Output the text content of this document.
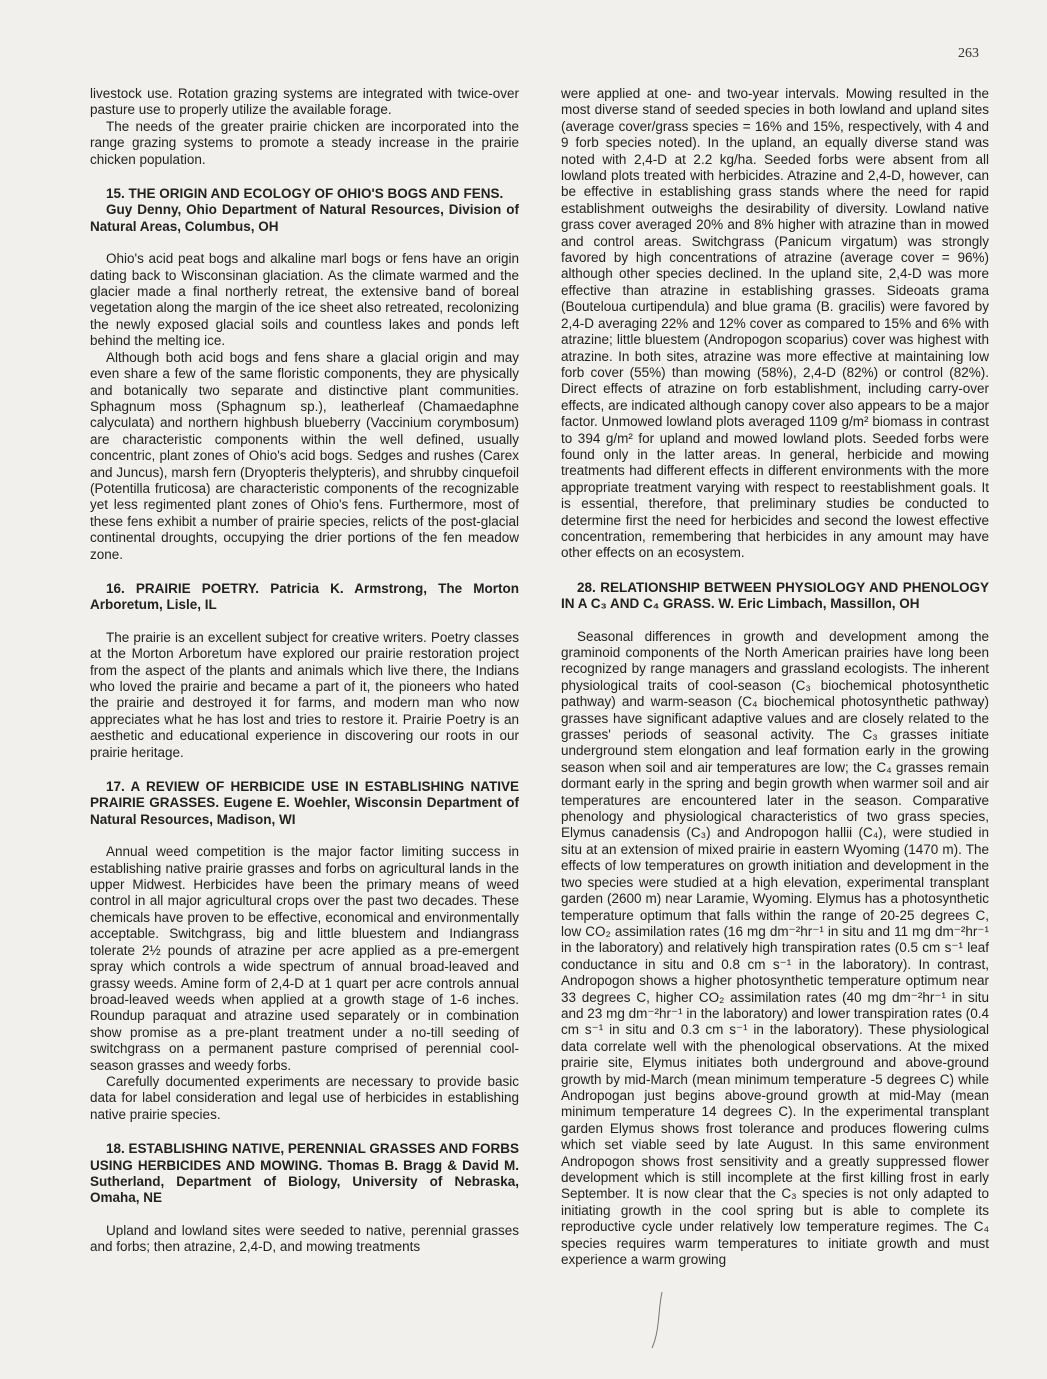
263

livestock use. Rotation grazing systems are integrated with twice-over pasture use to properly utilize the available forage.

The needs of the greater prairie chicken are incorporated into the range grazing systems to promote a steady increase in the prairie chicken population.

15. THE ORIGIN AND ECOLOGY OF OHIO'S BOGS AND FENS.

Guy Denny, Ohio Department of Natural Resources, Division of Natural Areas, Columbus, OH

Ohio's acid peat bogs and alkaline marl bogs or fens have an origin dating back to Wisconsinan glaciation. As the climate warmed and the glacier made a final northerly retreat, the extensive band of boreal vegetation along the margin of the ice sheet also retreated, recolonizing the newly exposed glacial soils and countless lakes and ponds left behind the melting ice.

Although both acid bogs and fens share a glacial origin and may even share a few of the same floristic components, they are physically and botanically two separate and distinctive plant communities. Sphagnum moss (Sphagnum sp.), leatherleaf (Chamaedaphne calyculata) and northern highbush blueberry (Vaccinium corymbosum) are characteristic components within the well defined, usually concentric, plant zones of Ohio's acid bogs. Sedges and rushes (Carex and Juncus), marsh fern (Dryopteris thelypteris), and shrubby cinquefoil (Potentilla fruticosa) are characteristic components of the recognizable yet less regimented plant zones of Ohio's fens. Furthermore, most of these fens exhibit a number of prairie species, relicts of the post-glacial continental droughts, occupying the drier portions of the fen meadow zone.

16. PRAIRIE POETRY. Patricia K. Armstrong, The Morton Arboretum, Lisle, IL

The prairie is an excellent subject for creative writers. Poetry classes at the Morton Arboretum have explored our prairie restoration project from the aspect of the plants and animals which live there, the Indians who loved the prairie and became a part of it, the pioneers who hated the prairie and destroyed it for farms, and modern man who now appreciates what he has lost and tries to restore it. Prairie Poetry is an aesthetic and educational experience in discovering our roots in our prairie heritage.

17. A REVIEW OF HERBICIDE USE IN ESTABLISHING NATIVE PRAIRIE GRASSES. Eugene E. Woehler, Wisconsin Department of Natural Resources, Madison, WI

Annual weed competition is the major factor limiting success in establishing native prairie grasses and forbs on agricultural lands in the upper Midwest. Herbicides have been the primary means of weed control in all major agricultural crops over the past two decades. These chemicals have proven to be effective, economical and environmentally acceptable. Switchgrass, big and little bluestem and Indiangrass tolerate 2½ pounds of atrazine per acre applied as a pre-emergent spray which controls a wide spectrum of annual broad-leaved and grassy weeds. Amine form of 2,4-D at 1 quart per acre controls annual broad-leaved weeds when applied at a growth stage of 1-6 inches. Roundup paraquat and atrazine used separately or in combination show promise as a pre-plant treatment under a no-till seeding of switchgrass on a permanent pasture comprised of perennial cool-season grasses and weedy forbs.

Carefully documented experiments are necessary to provide basic data for label consideration and legal use of herbicides in establishing native prairie species.

18. ESTABLISHING NATIVE, PERENNIAL GRASSES AND FORBS USING HERBICIDES AND MOWING. Thomas B. Bragg & David M. Sutherland, Department of Biology, University of Nebraska, Omaha, NE

Upland and lowland sites were seeded to native, perennial grasses and forbs; then atrazine, 2,4-D, and mowing treatments

were applied at one- and two-year intervals. Mowing resulted in the most diverse stand of seeded species in both lowland and upland sites (average cover/grass species = 16% and 15%, respectively, with 4 and 9 forb species noted). In the upland, an equally diverse stand was noted with 2,4-D at 2.2 kg/ha. Seeded forbs were absent from all lowland plots treated with herbicides. Atrazine and 2,4-D, however, can be effective in establishing grass stands where the need for rapid establishment outweighs the desirability of diversity. Lowland native grass cover averaged 20% and 8% higher with atrazine than in mowed and control areas. Switchgrass (Panicum virgatum) was strongly favored by high concentrations of atrazine (average cover = 96%) although other species declined. In the upland site, 2,4-D was more effective than atrazine in establishing grasses. Sideoats grama (Bouteloua curtipendula) and blue grama (B. gracilis) were favored by 2,4-D averaging 22% and 12% cover as compared to 15% and 6% with atrazine; little bluestem (Andropogon scoparius) cover was highest with atrazine. In both sites, atrazine was more effective at maintaining low forb cover (55%) than mowing (58%), 2,4-D (82%) or control (82%). Direct effects of atrazine on forb establishment, including carry-over effects, are indicated although canopy cover also appears to be a major factor. Unmowed lowland plots averaged 1109 g/m² biomass in contrast to 394 g/m² for upland and mowed lowland plots. Seeded forbs were found only in the latter areas. In general, herbicide and mowing treatments had different effects in different environments with the more appropriate treatment varying with respect to reestablishment goals. It is essential, therefore, that preliminary studies be conducted to determine first the need for herbicides and second the lowest effective concentration, remembering that herbicides in any amount may have other effects on an ecosystem.

28. RELATIONSHIP BETWEEN PHYSIOLOGY AND PHENOLOGY IN A C₃ AND C₄ GRASS. W. Eric Limbach, Massillon, OH

Seasonal differences in growth and development among the graminoid components of the North American prairies have long been recognized by range managers and grassland ecologists. The inherent physiological traits of cool-season (C₃ biochemical photosynthetic pathway) and warm-season (C₄ biochemical photosynthetic pathway) grasses have significant adaptive values and are closely related to the grasses' periods of seasonal activity. The C₃ grasses initiate underground stem elongation and leaf formation early in the growing season when soil and air temperatures are low; the C₄ grasses remain dormant early in the spring and begin growth when warmer soil and air temperatures are encountered later in the season. Comparative phenology and physiological characteristics of two grass species, Elymus canadensis (C₃) and Andropogon hallii (C₄), were studied in situ at an extension of mixed prairie in eastern Wyoming (1470 m). The effects of low temperatures on growth initiation and development in the two species were studied at a high elevation, experimental transplant garden (2600 m) near Laramie, Wyoming. Elymus has a photosynthetic temperature optimum that falls within the range of 20-25 degrees C, low CO₂ assimilation rates (16 mg dm⁻²hr⁻¹ in situ and 11 mg dm⁻²hr⁻¹ in the laboratory) and relatively high transpiration rates (0.5 cm s⁻¹ leaf conductance in situ and 0.8 cm s⁻¹ in the laboratory). In contrast, Andropogon shows a higher photosynthetic temperature optimum near 33 degrees C, higher CO₂ assimilation rates (40 mg dm⁻²hr⁻¹ in situ and 23 mg dm⁻²hr⁻¹ in the laboratory) and lower transpiration rates (0.4 cm s⁻¹ in situ and 0.3 cm s⁻¹ in the laboratory). These physiological data correlate well with the phenological observations. At the mixed prairie site, Elymus initiates both underground and above-ground growth by mid-March (mean minimum temperature -5 degrees C) while Andropogan just begins above-ground growth at mid-May (mean minimum temperature 14 degrees C). In the experimental transplant garden Elymus shows frost tolerance and produces flowering culms which set viable seed by late August. In this same environment Andropogon shows frost sensitivity and a greatly suppressed flower development which is still incomplete at the first killing frost in early September. It is now clear that the C₃ species is not only adapted to initiating growth in the cool spring but is able to complete its reproductive cycle under relatively low temperature regimes. The C₄ species requires warm temperatures to initiate growth and must experience a warm growing
